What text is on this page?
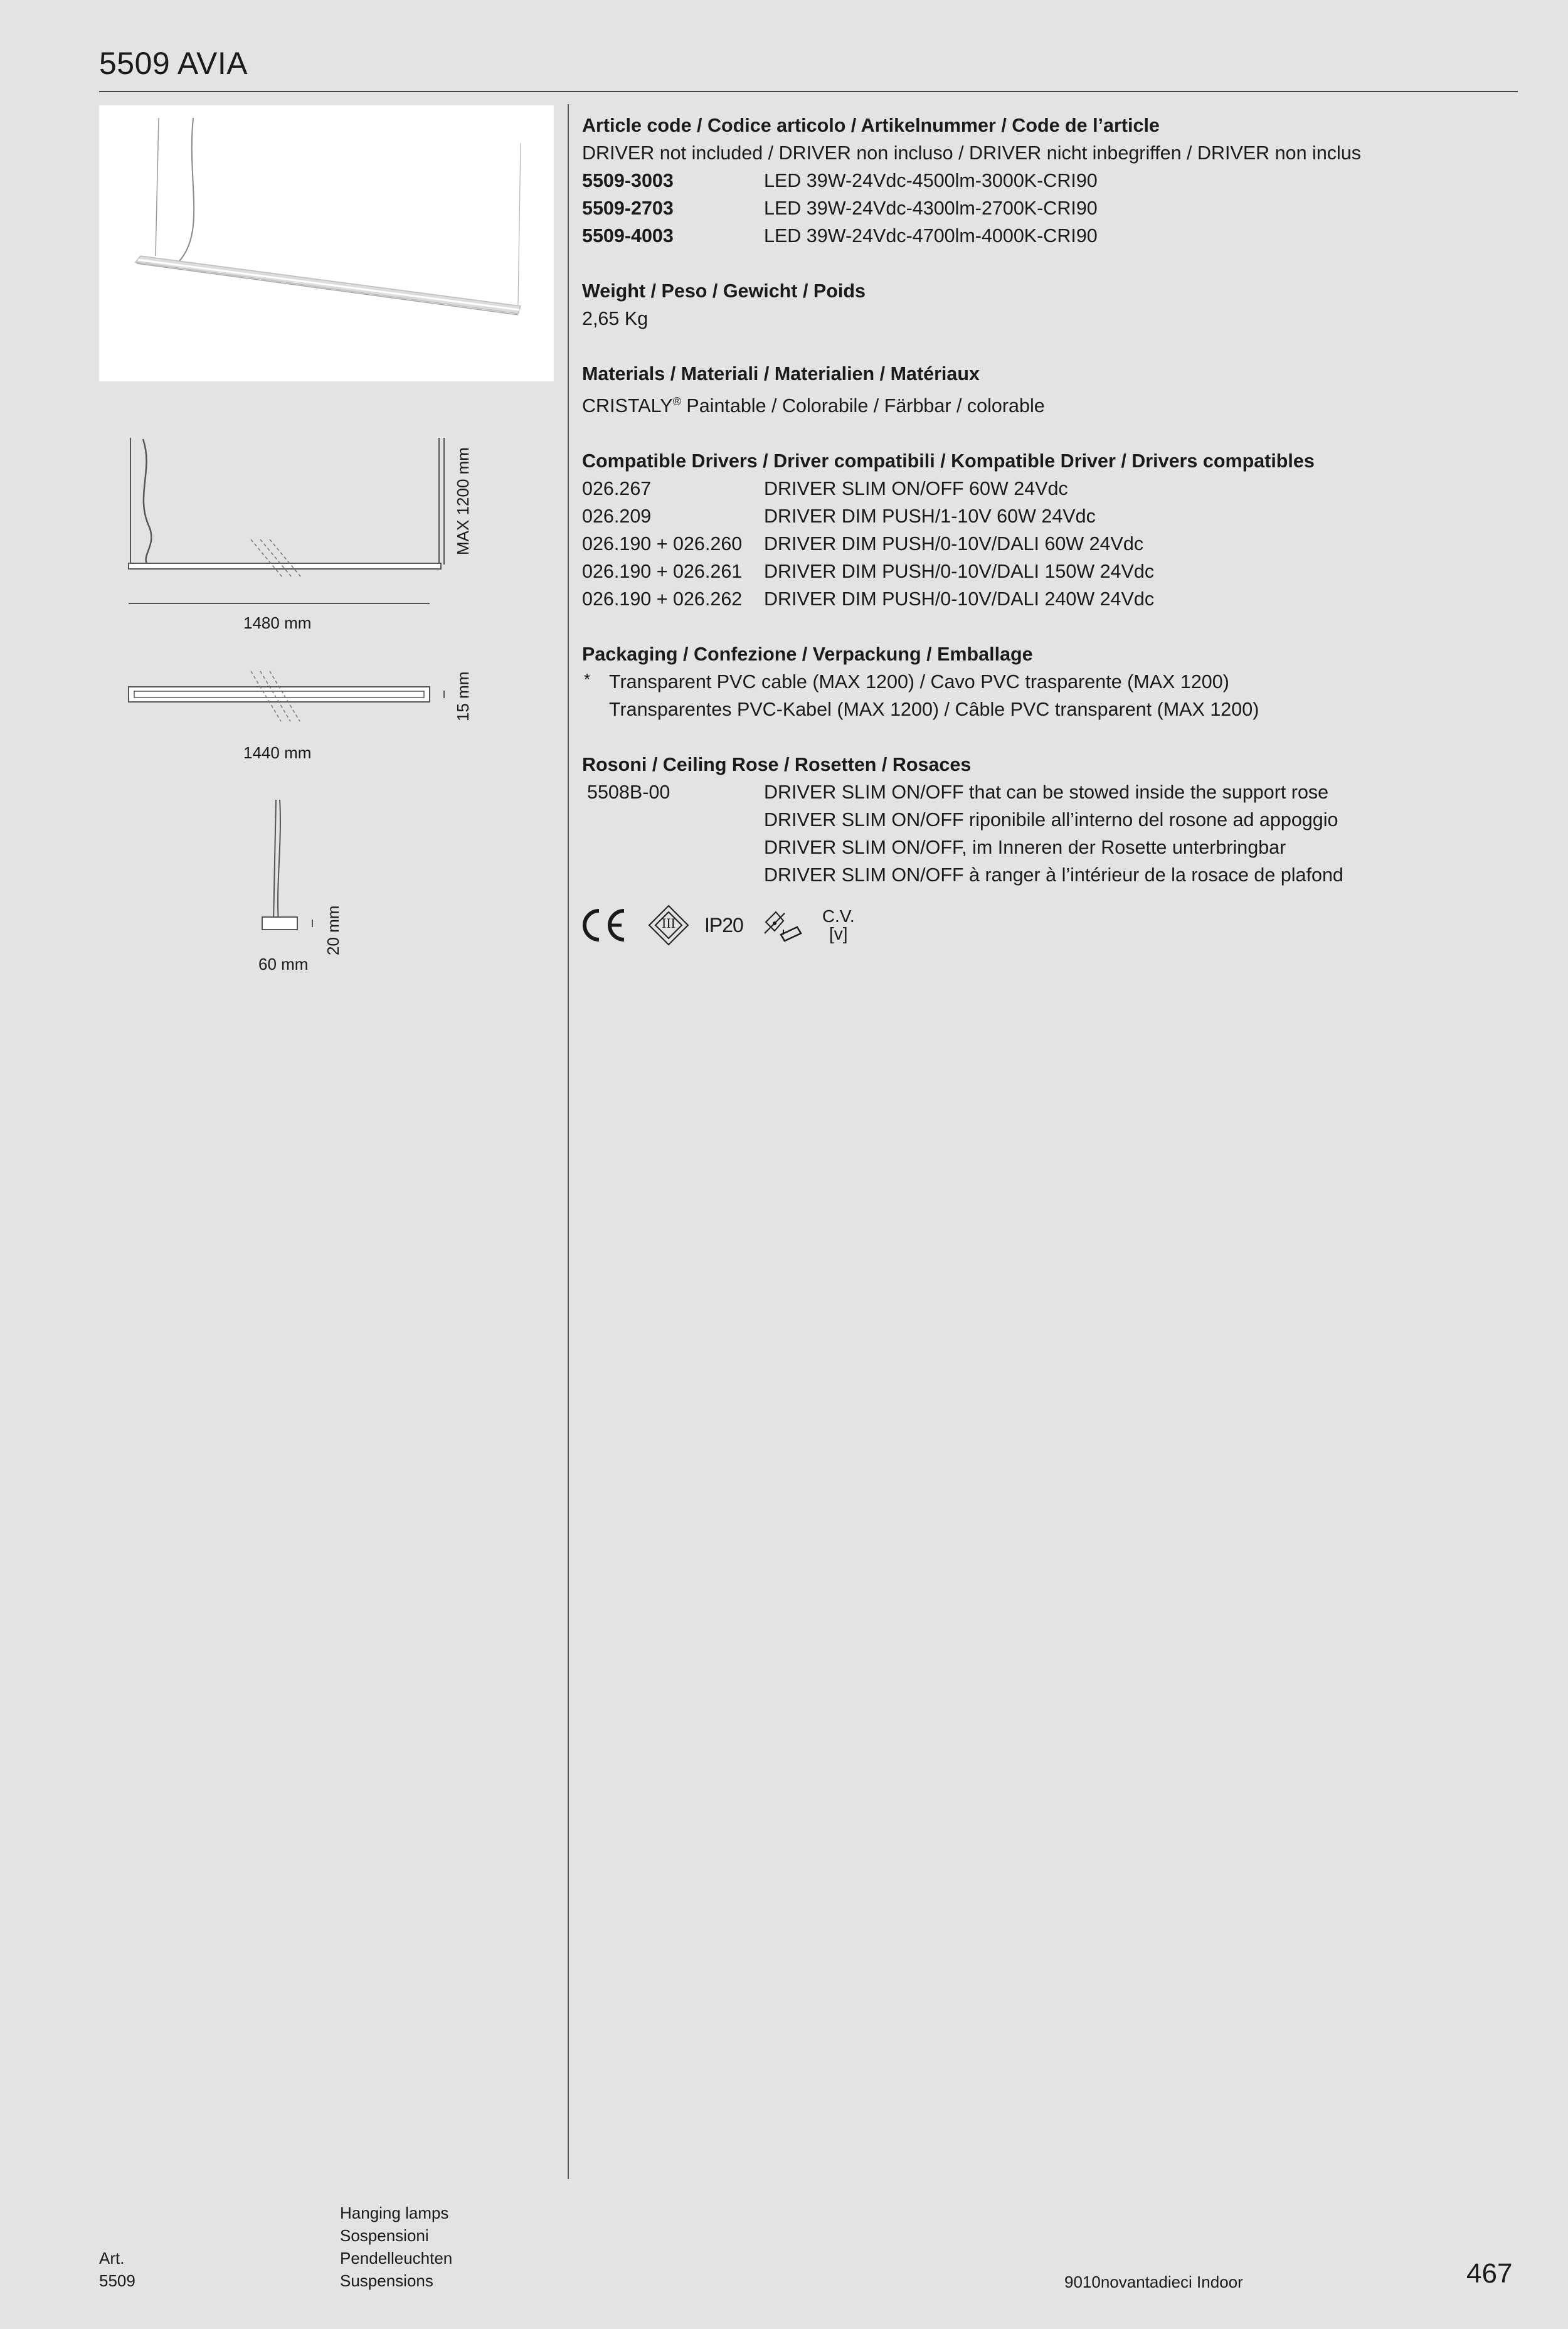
5509 AVIA
1480 mm
MAX 1200 mm
1440 mm
15 mm
60 mm
20 mm
Article code / Codice articolo / Artikelnummer / Code de l’article
DRIVER not included / DRIVER non incluso / DRIVER nicht inbegriffen / DRIVER non inclus
5509-3003	LED 39W-24Vdc-4500lm-3000K-CRI90
5509-2703	LED 39W-24Vdc-4300lm-2700K-CRI90
5509-4003	LED 39W-24Vdc-4700lm-4000K-CRI90
Weight / Peso / Gewicht / Poids
2,65 Kg
Materials / Materiali / Materialien / Matériaux
CRISTALY® Paintable / Colorabile / Färbbar / colorable
Compatible Drivers / Driver compatibili / Kompatible Driver / Drivers compatibles
026.267	DRIVER SLIM ON/OFF 60W 24Vdc
026.209	DRIVER DIM PUSH/1-10V 60W 24Vdc
026.190 + 026.260	DRIVER DIM PUSH/0-10V/DALI 60W 24Vdc
026.190 + 026.261	DRIVER DIM PUSH/0-10V/DALI 150W 24Vdc
026.190 + 026.262	DRIVER DIM PUSH/0-10V/DALI 240W 24Vdc
Packaging / Confezione / Verpackung / Emballage
* Transparent PVC cable (MAX 1200) / Cavo PVC trasparente (MAX 1200)
Transparentes PVC-Kabel (MAX 1200) / Câble PVC transparent (MAX 1200)
Rosoni / Ceiling Rose / Rosetten / Rosaces
5508B-00	DRIVER SLIM ON/OFF that can be stowed inside the support rose
DRIVER SLIM ON/OFF riponibile all’interno del rosone ad appoggio
DRIVER SLIM ON/OFF, im Inneren der Rosette unterbringbar
DRIVER SLIM ON/OFF à ranger à l’intérieur de la rosace de plafond
III	IP20	C.V.
[v]
Art.
5509
Hanging lamps
Sospensioni
Pendelleuchten
Suspensions	9010novantadieci Indoor	467
